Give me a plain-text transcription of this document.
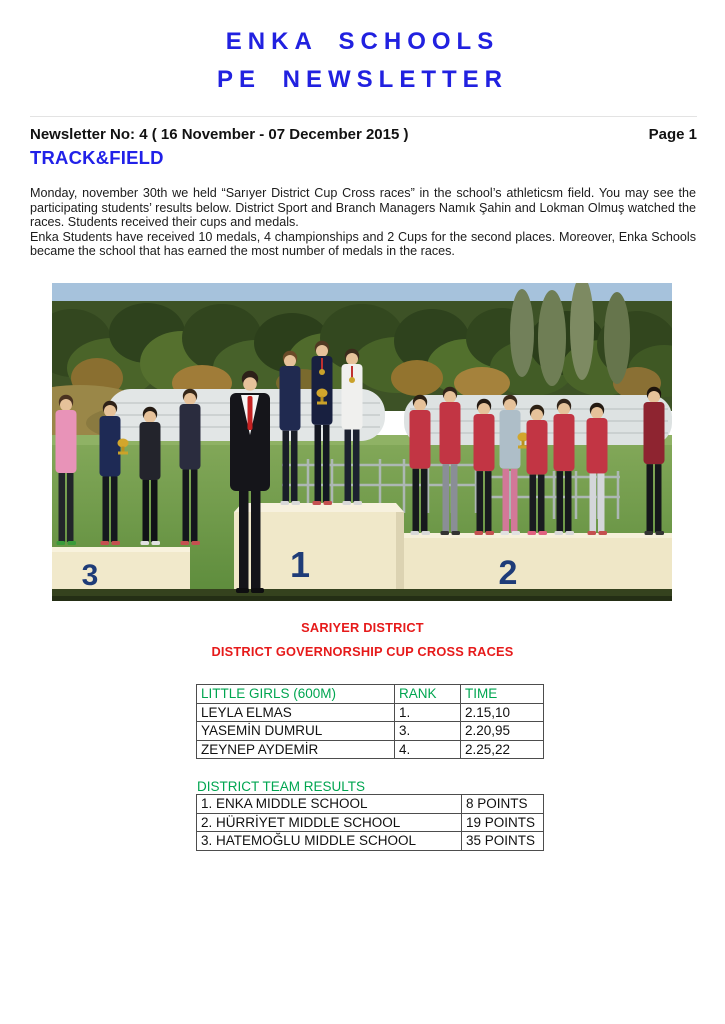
ENKA SCHOOLS
PE NEWSLETTER
Newsletter No: 4 ( 16 November - 07 December 2015 )	Page 1
TRACK&FIELD

Monday, november 30th we held “Sarıyer District Cup Cross races” in the school’s athleticsm field. You may see the participating students’ results below. District Sport and Branch Managers Namık Şahin and Lokman Olmuş watched the races. Students received their cups and medals.

Enka Students have received 10 medals, 4 championships and 2 Cups for the second places. Moreover, Enka Schools became the school that has earned the most number of medals in the races.

3	1	2
SARIYER DISTRICT
DISTRICT GOVERNORSHIP CUP CROSS RACES
LITTLE GIRLS (600M)	RANK	TIME
LEYLA ELMAS	1.	2.15,10
YASEMİN DUMRUL	3.	2.20,95
ZEYNEP AYDEMİR	4.	2.25,22
DISTRICT TEAM RESULTS
1. ENKA MIDDLE SCHOOL	8 POINTS
2. HÜRRİYET MIDDLE SCHOOL	19 POINTS
3. HATEMOĞLU MIDDLE SCHOOL	35 POINTS
